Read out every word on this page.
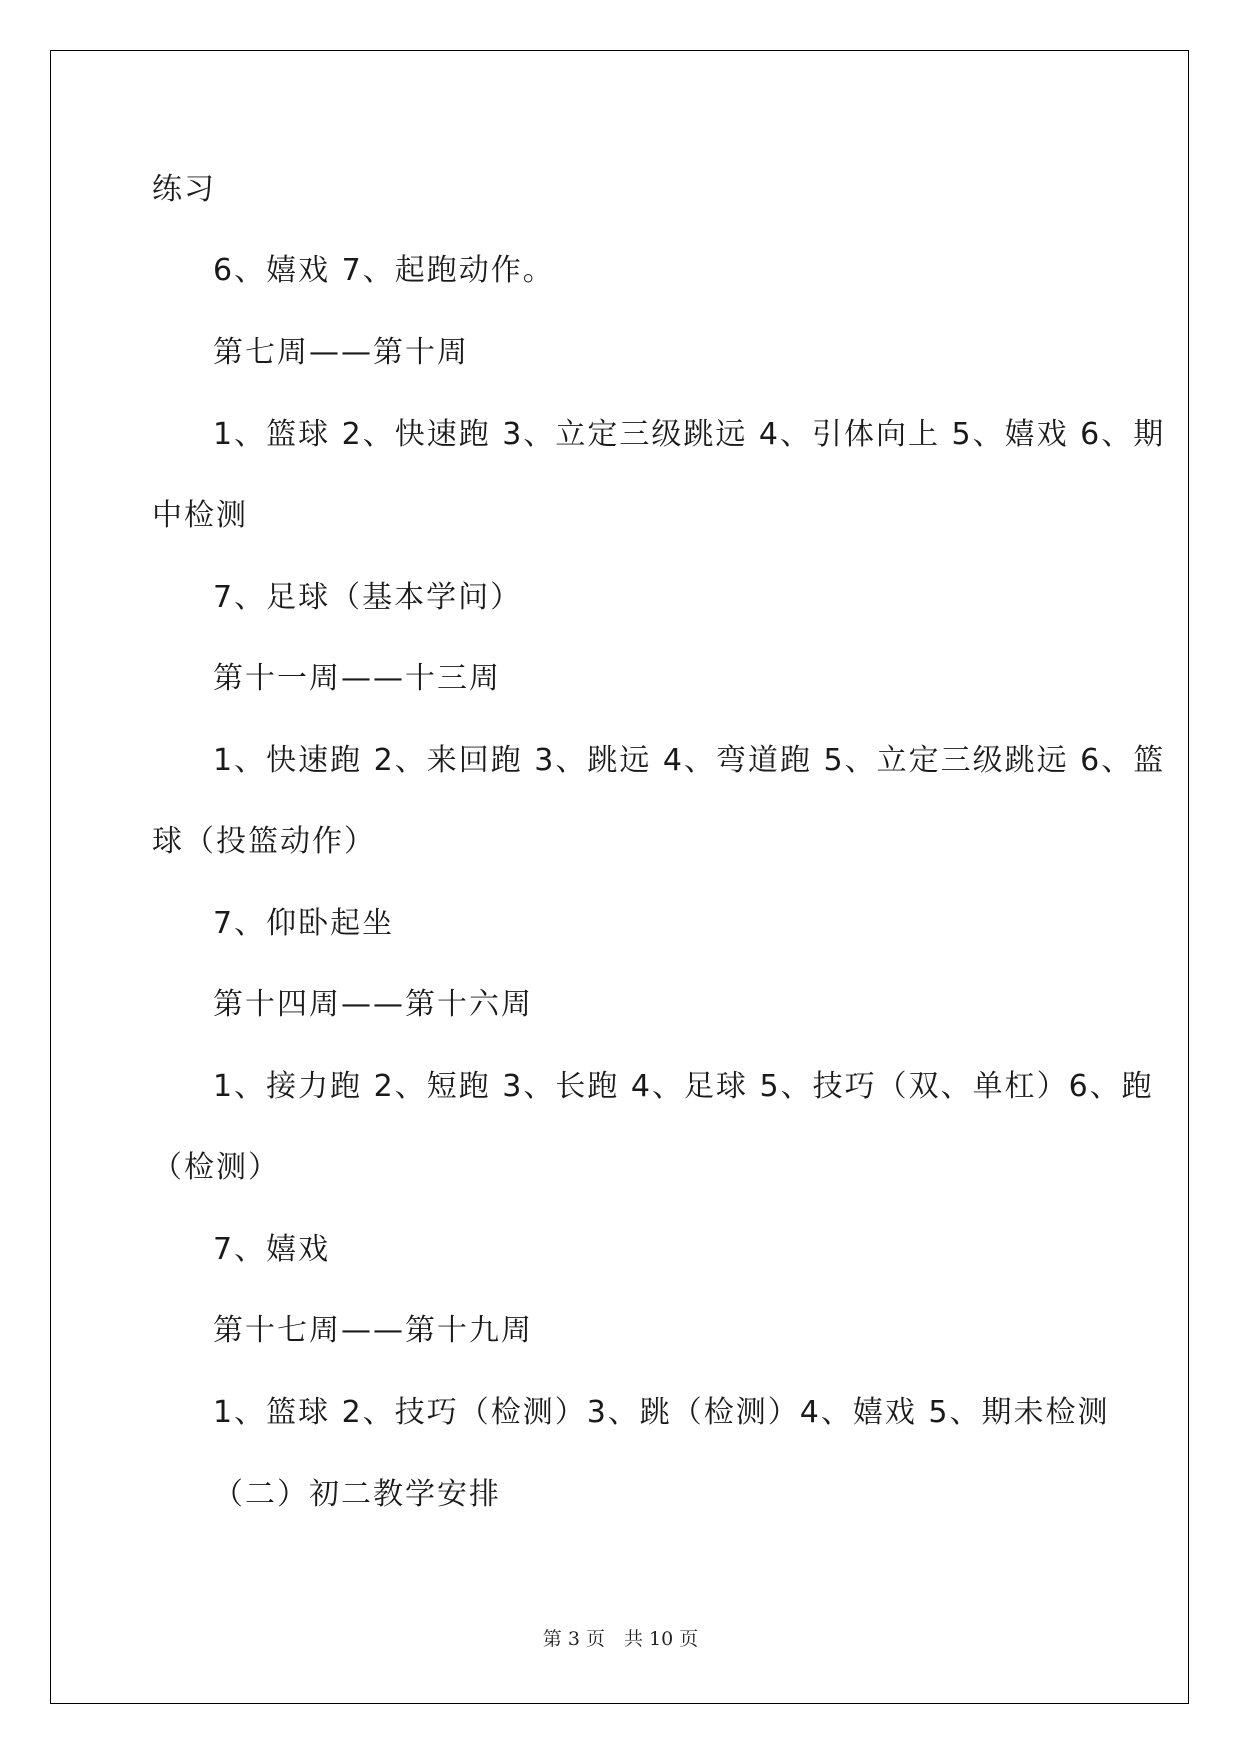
练习
6、嬉戏 7、起跑动作。
第七周——第十周
1、篮球 2、快速跑 3、立定三级跳远 4、引体向上 5、嬉戏 6、期
中检测
7、足球（基本学问）
第十一周——十三周
1、快速跑 2、来回跑 3、跳远 4、弯道跑 5、立定三级跳远 6、篮
球（投篮动作）
7、仰卧起坐
第十四周——第十六周
1、接力跑 2、短跑 3、长跑 4、足球 5、技巧（双、单杠）6、跑
（检测）
7、嬉戏
第十七周——第十九周
1、篮球 2、技巧（检测）3、跳（检测）4、嬉戏 5、期未检测
（二）初二教学安排
第 3 页　共 10 页
